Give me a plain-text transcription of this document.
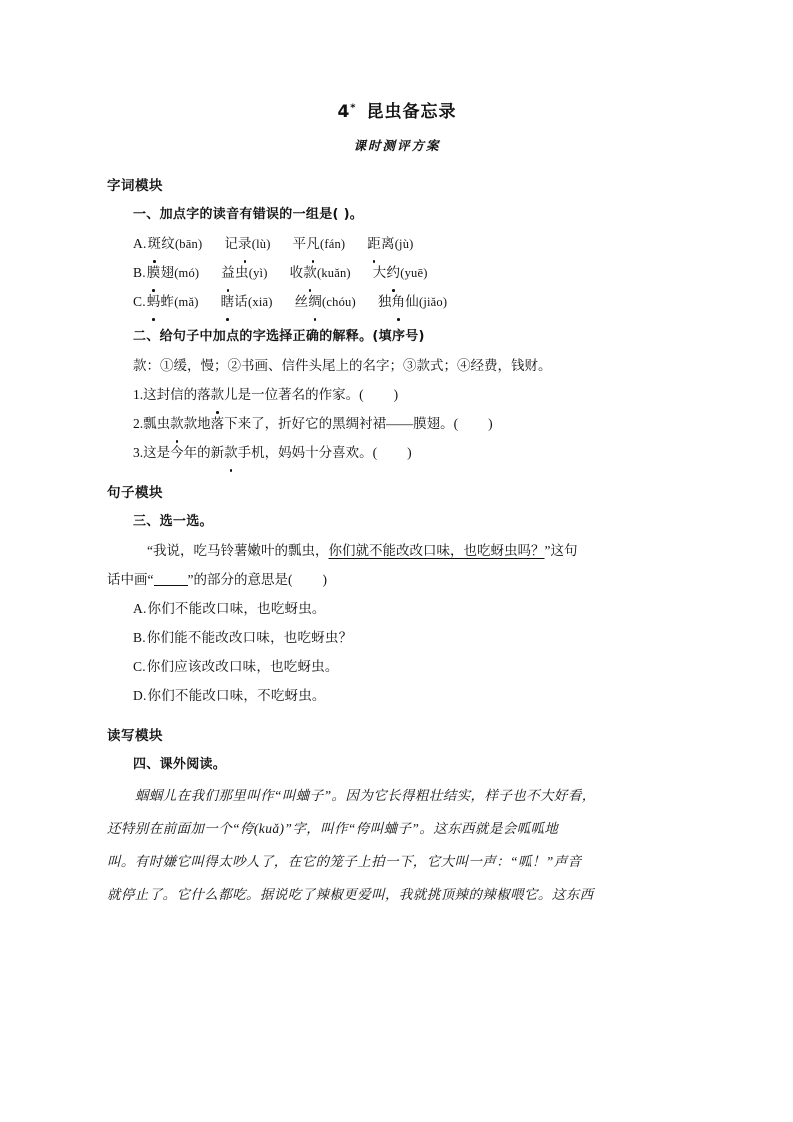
4* 昆虫备忘录
课时测评方案
字词模块
一、加点字的读音有错误的一组是( )。
A.斑纹(bān) 记录(lù) 平凡(fán) 距离(jù)
B.膜翅(mó) 益虫(yì) 收款(kuǎn) 大约(yuē)
C.蚂蚱(mǎ) 瞎话(xiā) 丝绸(chóu) 独角仙(jiǎo)
二、给句子中加点的字选择正确的解释。(填序号)
款：①缓，慢；②书画、信件头尾上的名字；③款式；④经费，钱财。
1.这封信的落款儿是一位著名的作家。( )
2.瓢虫款款地落下来了，折好它的黑绸衬裙——膜翅。( )
3.这是今年的新款手机，妈妈十分喜欢。( )
句子模块
三、选一选。
“我说，吃马铃薯嫩叶的瓢虫，你们就不能改改口味，也吃蚜虫吗？”这句
话中画“	”的部分的意思是( )
A.你们不能改口味，也吃蚜虫。
B.你们能不能改改口味，也吃蚜虫？
C.你们应该改改口味，也吃蚜虫。
D.你们不能改口味，不吃蚜虫。
读写模块
四、课外阅读。

蝈蝈儿在我们那里叫作“叫蛐子”。因为它长得粗壮结实，样子也不大好看，

还特别在前面加一个“侉(kuǎ)”字，叫作“侉叫蛐子”。这东西就是会呱呱地

叫。有时嫌它叫得太吵人了，在它的笼子上拍一下，它大叫一声：“呱！”声音

就停止了。它什么都吃。据说吃了辣椒更爱叫，我就挑顶辣的辣椒喂它。这东西
